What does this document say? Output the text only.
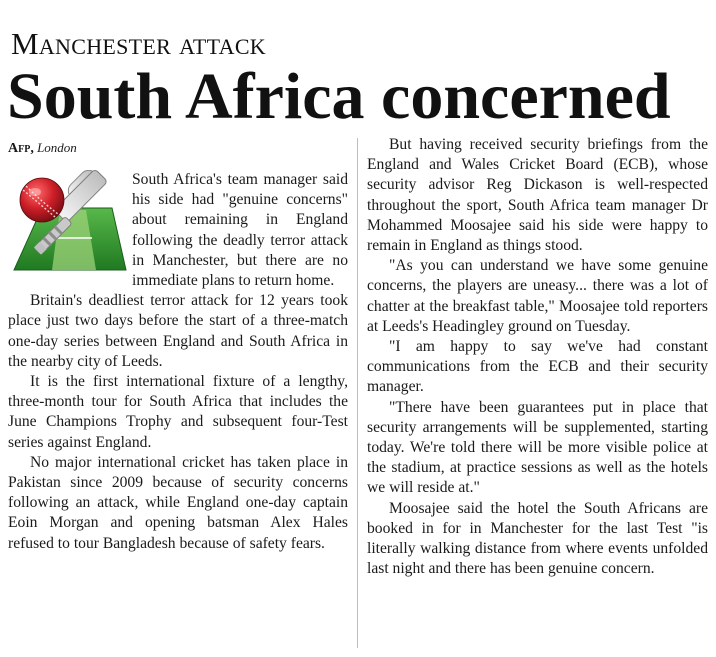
Manchester attack
South Africa concerned
Afp, London

South Africa's team manager said his side had "genuine concerns" about remaining in England following the deadly terror attack in Manchester, but there are no immediate plans to return home.

Britain's deadliest terror attack for 12 years took place just two days before the start of a three-match one-day series between England and South Africa in the nearby city of Leeds.

It is the first international fixture of a lengthy, three-month tour for South Africa that includes the June Champions Trophy and subsequent four-Test series against England.

No major international cricket has taken place in Pakistan since 2009 because of security concerns following an attack, while England one-day captain Eoin Morgan and opening batsman Alex Hales refused to tour Bangladesh because of safety fears.

But having received security briefings from the England and Wales Cricket Board (ECB), whose security advisor Reg Dickason is well-respected throughout the sport, South Africa team manager Dr Mohammed Moosajee said his side were happy to remain in England as things stood.

"As you can understand we have some genuine concerns, the players are uneasy... there was a lot of chatter at the breakfast table," Moosajee told reporters at Leeds's Headingley ground on Tuesday.

"I am happy to say we've had constant communications from the ECB and their security manager.

"There have been guarantees put in place that security arrangements will be supplemented, starting today. We're told there will be more visible police at the stadium, at practice sessions as well as the hotels we will reside at."

Moosajee said the hotel the South Africans are booked in for in Manchester for the last Test "is literally walking distance from where events unfolded last night and there has been genuine concern.
